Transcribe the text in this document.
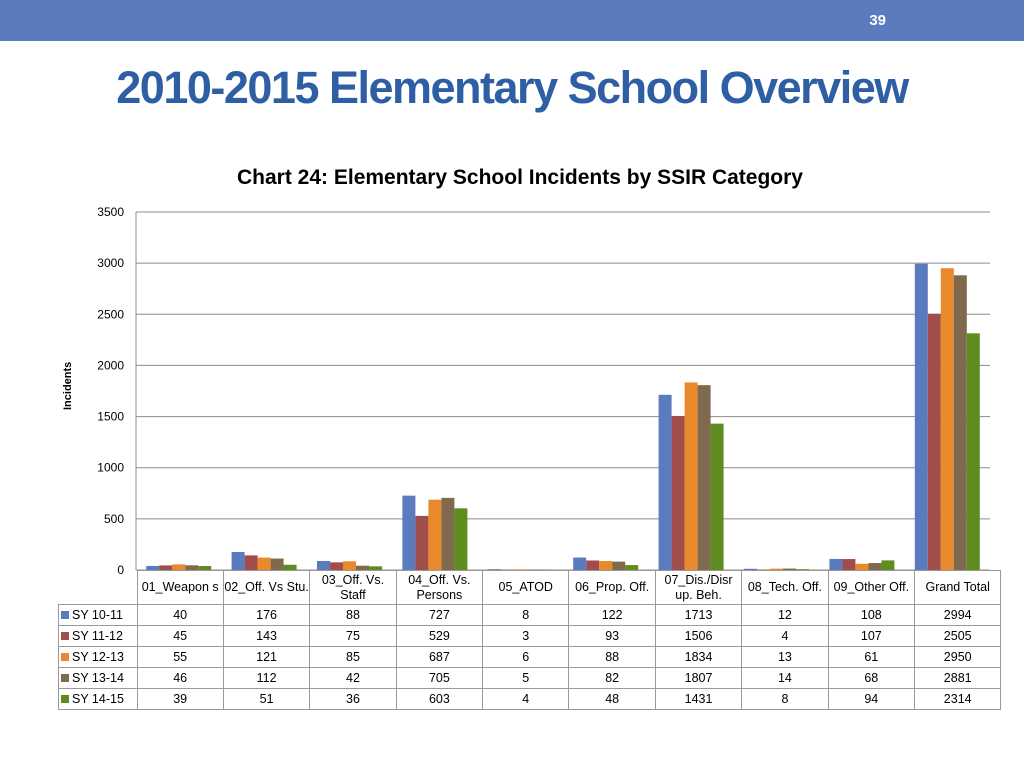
39
2010-2015 Elementary School Overview
Chart 24: Elementary School Incidents by SSIR Category
Incidents
0
500
1000
1500
2000
2500
3000
3500
	01_Weapon s	02_Off. Vs Stu.	03_Off. Vs. Staff	04_Off. Vs. Persons	05_ATOD	06_Prop. Off.	07_Dis./Disr up. Beh.	08_Tech. Off.	09_Other Off.	Grand Total
SY 10-11	40	176	88	727	8	122	1713	12	108	2994
SY 11-12	45	143	75	529	3	93	1506	4	107	2505
SY 12-13	55	121	85	687	6	88	1834	13	61	2950
SY 13-14	46	112	42	705	5	82	1807	14	68	2881
SY 14-15	39	51	36	603	4	48	1431	8	94	2314
